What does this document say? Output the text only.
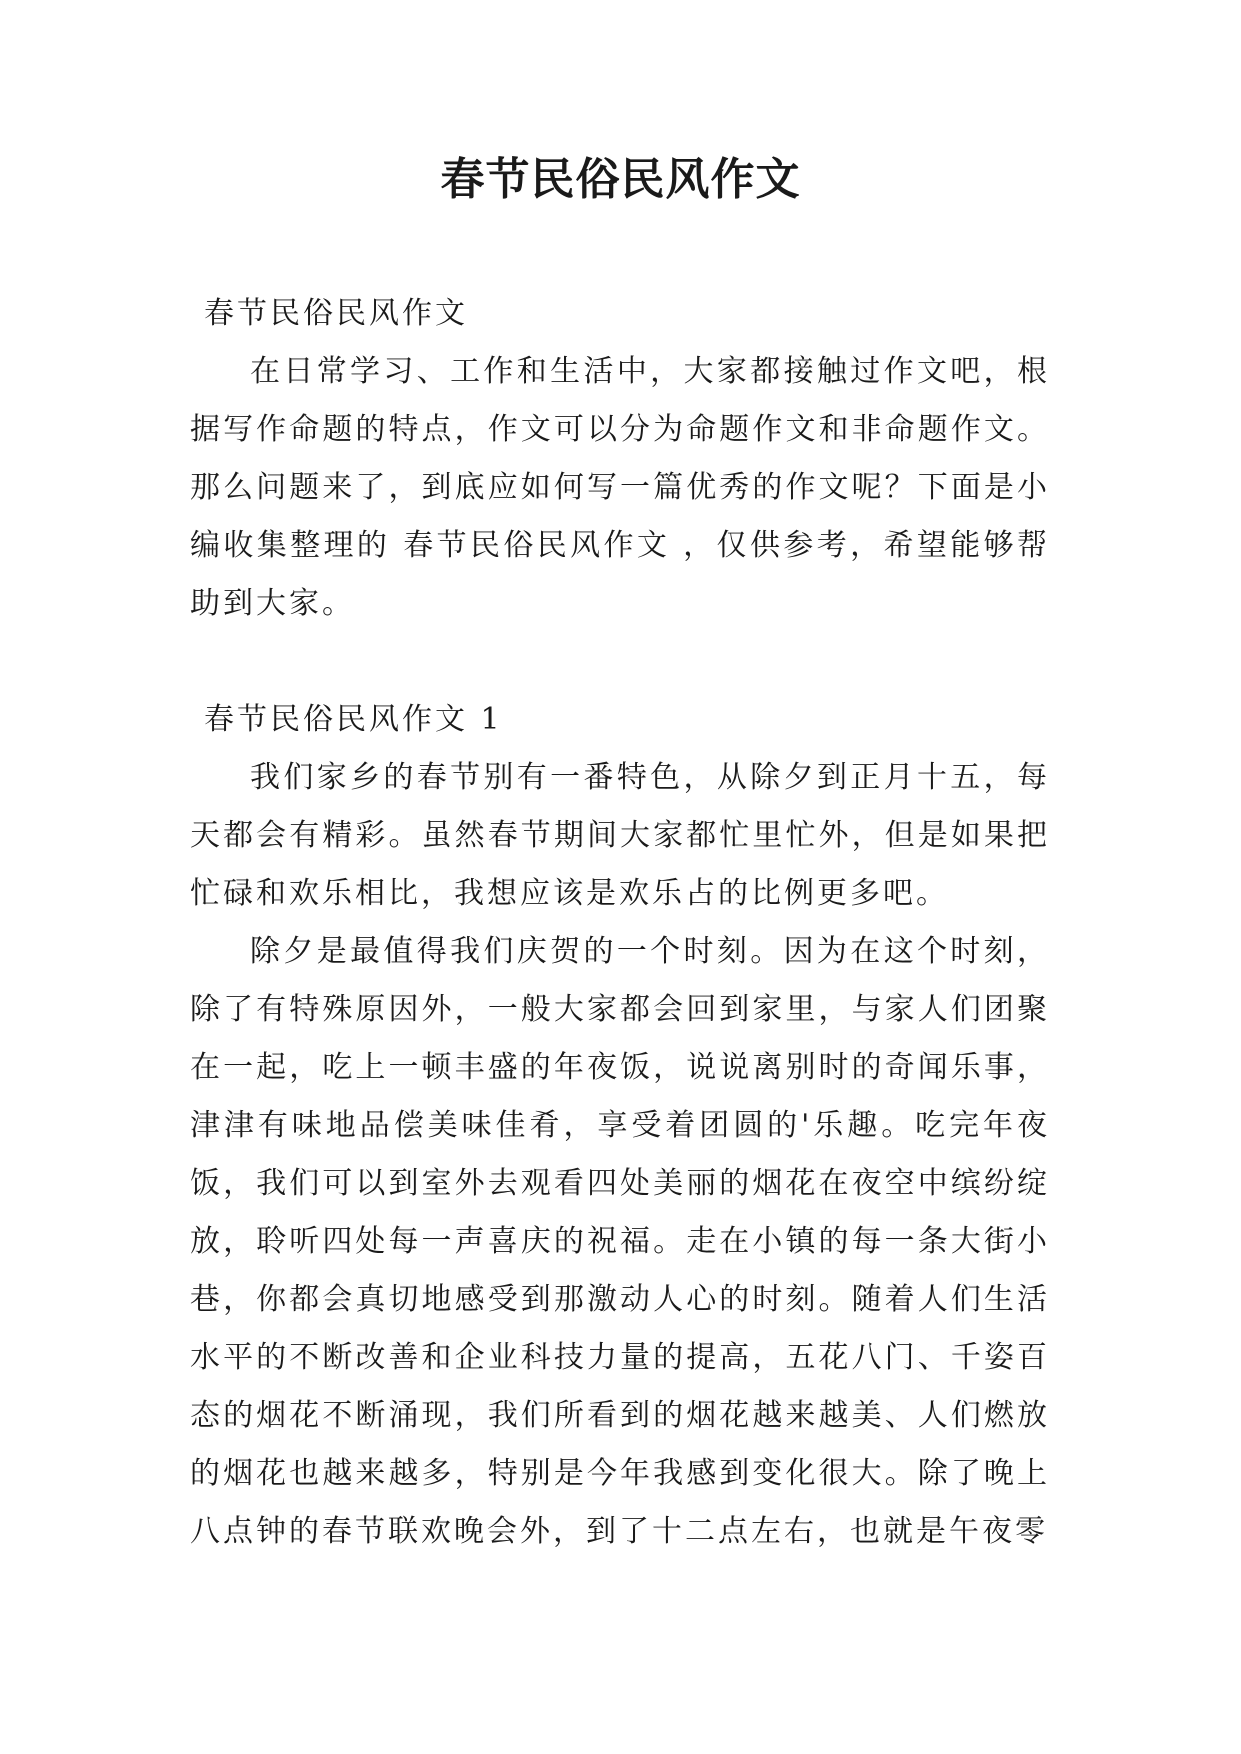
春节民俗民风作文

春节民俗民风作文

在日常学习、工作和生活中，大家都接触过作文吧，根据写作命题的特点，作文可以分为命题作文和非命题作文。那么问题来了，到底应如何写一篇优秀的作文呢？下面是小编收集整理的 春节民俗民风作文 ，仅供参考，希望能够帮助到大家。

春节民俗民风作文 1

我们家乡的春节别有一番特色，从除夕到正月十五，每天都会有精彩。虽然春节期间大家都忙里忙外，但是如果把忙碌和欢乐相比，我想应该是欢乐占的比例更多吧。

除夕是最值得我们庆贺的一个时刻。因为在这个时刻，除了有特殊原因外，一般大家都会回到家里，与家人们团聚在一起，吃上一顿丰盛的年夜饭，说说离别时的奇闻乐事，津津有味地品偿美味佳肴，享受着团圆的'乐趣。吃完年夜饭，我们可以到室外去观看四处美丽的烟花在夜空中缤纷绽放，聆听四处每一声喜庆的祝福。走在小镇的每一条大街小巷，你都会真切地感受到那激动人心的时刻。随着人们生活水平的不断改善和企业科技力量的提高，五花八门、千姿百态的烟花不断涌现，我们所看到的烟花越来越美、人们燃放的烟花也越来越多，特别是今年我感到变化很大。除了晚上八点钟的春节联欢晚会外，到了十二点左右，也就是午夜零
